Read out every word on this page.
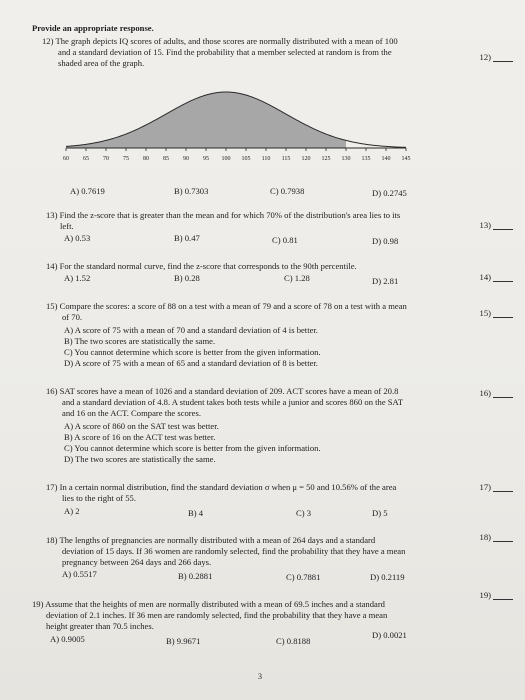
Provide an appropriate response.
12) The graph depicts IQ scores of adults, and those scores are normally distributed with a mean of 100
and a standard deviation of 15. Find the probability that a member selected at random is from the
shaded area of the graph.
12)
60 65 70 75 80 85 90 95 100 105 110 115 120 125 130 135 140 145
A) 0.7619	B) 0.7303	C) 0.7938	D) 0.2745
13) Find the z-score that is greater than the mean and for which 70% of the distribution's area lies to its
left.	13)
A) 0.53	B) 0.47	C) 0.81	D) 0.98
14) For the standard normal curve, find the z-score that corresponds to the 90th percentile.
14)
A) 1.52	B) 0.28	C) 1.28	D) 2.81
15) Compare the scores: a score of 88 on a test with a mean of 79 and a score of 78 on a test with a mean
of 70.	15)
A) A score of 75 with a mean of 70 and a standard deviation of 4 is better.
B) The two scores are statistically the same.
C) You cannot determine which score is better from the given information.
D) A score of 75 with a mean of 65 and a standard deviation of 8 is better.
16) SAT scores have a mean of 1026 and a standard deviation of 209. ACT scores have a mean of 20.8
and a standard deviation of 4.8. A student takes both tests while a junior and scores 860 on the SAT
and 16 on the ACT. Compare the scores.
16)
A) A score of 860 on the SAT test was better.
B) A score of 16 on the ACT test was better.
C) You cannot determine which score is better from the given information.
D) The two scores are statistically the same.
17) In a certain normal distribution, find the standard deviation σ when μ = 50 and 10.56% of the area
lies to the right of 55.
17)
A) 2	B) 4	C) 3	D) 5
18) The lengths of pregnancies are normally distributed with a mean of 264 days and a standard
deviation of 15 days. If 36 women are randomly selected, find the probability that they have a mean
pregnancy between 264 days and 266 days.
18)
A) 0.5517	B) 0.2881	C) 0.7881	D) 0.2119
19) Assume that the heights of men are normally distributed with a mean of 69.5 inches and a standard
deviation of 2.1 inches. If 36 men are randomly selected, find the probability that they have a mean
height greater than 70.5 inches.
19)
A) 0.9005	B) 9.9671	C) 0.8188
D) 0.0021
3
